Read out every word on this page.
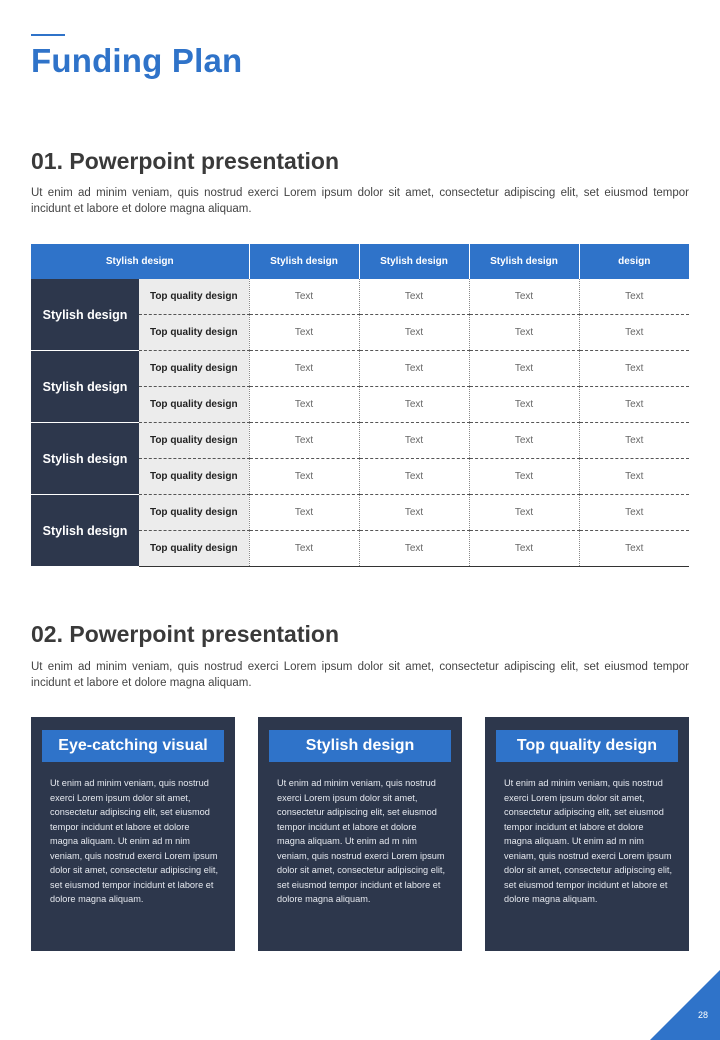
Funding Plan
01. Powerpoint presentation

Ut enim ad minim veniam, quis nostrud exerci Lorem ipsum dolor sit amet, consectetur adipiscing elit, set eiusmod tempor incidunt et labore et dolore magna aliquam.

Stylish design		Stylish design	Stylish design	Stylish design	design
Stylish design	Top quality design	Text	Text	Text	Text
	Top quality design	Text	Text	Text	Text
Stylish design	Top quality design	Text	Text	Text	Text
	Top quality design	Text	Text	Text	Text
Stylish design	Top quality design	Text	Text	Text	Text
	Top quality design	Text	Text	Text	Text
Stylish design	Top quality design	Text	Text	Text	Text
	Top quality design	Text	Text	Text	Text
02. Powerpoint presentation

Ut enim ad minim veniam, quis nostrud exerci Lorem ipsum dolor sit amet, consectetur adipiscing elit, set eiusmod tempor incidunt et labore et dolore magna aliquam.

Eye-catching visual

Ut enim ad minim veniam, quis nostrud exerci Lorem ipsum dolor sit amet, consectetur adipiscing elit, set eiusmod tempor incidunt et labore et dolore magna aliquam. Ut enim ad m nim veniam, quis nostrud exerci Lorem ipsum dolor sit amet, consectetur adipiscing elit, set eiusmod tempor incidunt et labore et dolore magna aliquam.

Stylish design

Ut enim ad minim veniam, quis nostrud exerci Lorem ipsum dolor sit amet, consectetur adipiscing elit, set eiusmod tempor incidunt et labore et dolore magna aliquam. Ut enim ad m nim veniam, quis nostrud exerci Lorem ipsum dolor sit amet, consectetur adipiscing elit, set eiusmod tempor incidunt et labore et dolore magna aliquam.

Top quality design

Ut enim ad minim veniam, quis nostrud exerci Lorem ipsum dolor sit amet, consectetur adipiscing elit, set eiusmod tempor incidunt et labore et dolore magna aliquam. Ut enim ad m nim veniam, quis nostrud exerci Lorem ipsum dolor sit amet, consectetur adipiscing elit, set eiusmod tempor incidunt et labore et dolore magna aliquam.

28
